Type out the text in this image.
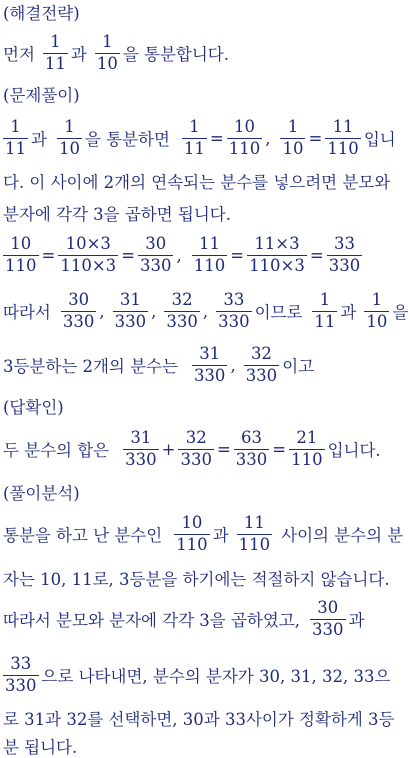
(해결전략)
먼저 $\frac{1}{11}$ 과 $\frac{1}{10}$ 을 통분합니다.
(문제풀이)
$\frac{1}{11}$ 과 $\frac{1}{10}$ 을 통분하면 $\frac{1}{11} = \frac{10}{110}$ , $\frac{1}{10} = \frac{11}{110}$ 입니
다. 이 사이에 2개의 연속되는 분수를 넣으려면 분모와
분자에 각각 3을 곱하면 됩니다.
$\frac{10}{110} = \frac{10\times 3}{110\times 3} = \frac{30}{330}$ , $\frac{11}{110} = \frac{11\times 3}{110\times 3} = \frac{33}{330}$
따라서 $\frac{30}{330}$ , $\frac{31}{330}$ , $\frac{32}{330}$ , $\frac{33}{330}$ 이므로 $\frac{1}{11}$ 과 $\frac{1}{10}$ 을
3등분하는 2개의 분수는 $\frac{31}{330}$ , $\frac{32}{330}$ 이고
(답확인)
두 분수의 합은 $\frac{31}{330} + \frac{32}{330} = \frac{63}{330} = \frac{21}{110}$ 입니다.
(풀이분석)
통분을 하고 난 분수인 $\frac{10}{110}$ 과 $\frac{11}{110}$ 사이의 분수의 분
자는 10, 11로, 3등분을 하기에는 적절하지 않습니다.
따라서 분모와 분자에 각각 3을 곱하였고, $\frac{30}{330}$ 과
$\frac{33}{330}$ 으로 나타내면, 분수의 분자가 30, 31, 32, 33으
로 31과 32를 선택하면, 30과 33사이가 정확하게 3등
분 됩니다.
